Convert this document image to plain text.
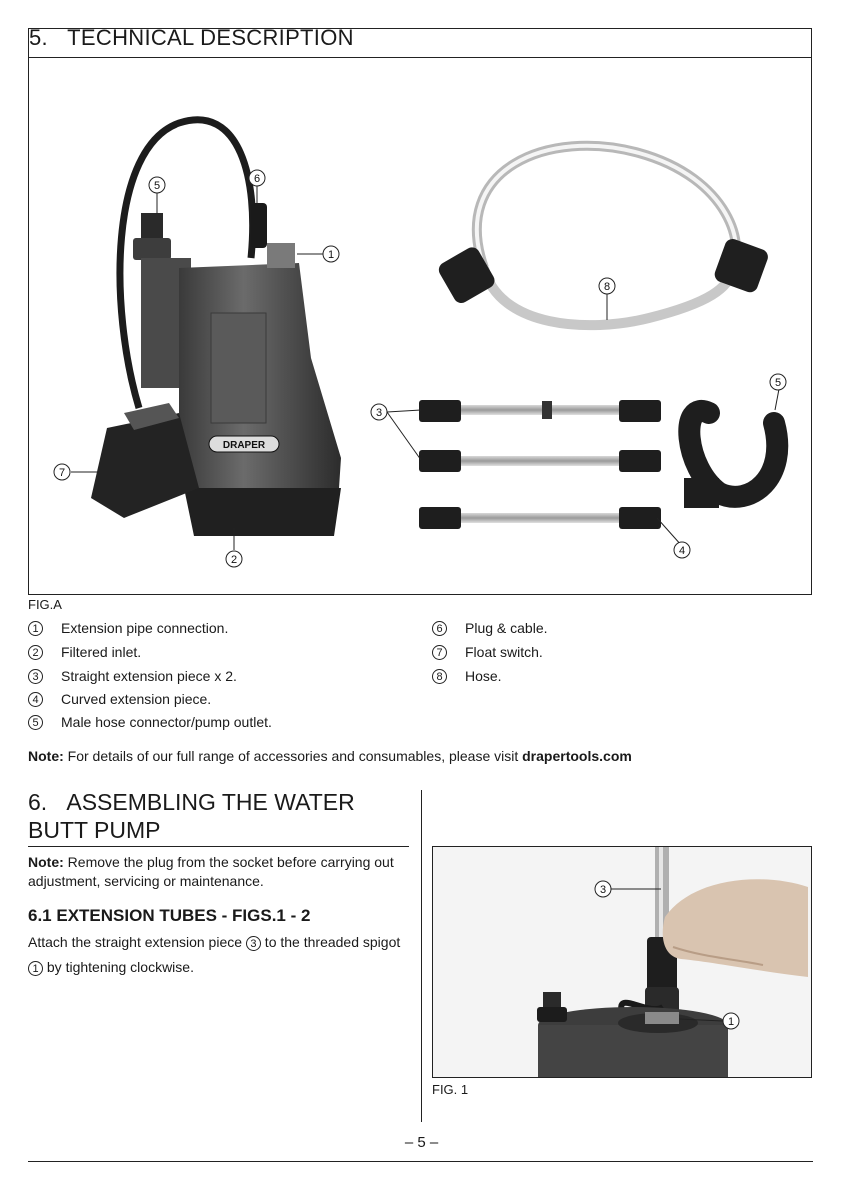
5.   TECHNICAL DESCRIPTION
DRAPER
5
6
1
2
7
8
3
4
5
FIG.A
1	Extension pipe connection.
2	Filtered inlet.
3	Straight extension piece x 2.
4	Curved extension piece.
5	Male hose connector/pump outlet.
6	Plug & cable.
7	Float switch.
8	Hose.
Note: For details of our full range of accessories and consumables, please visit drapertools.com
6.   ASSEMBLING THE WATER BUTT PUMP
Note: Remove the plug from the socket before carrying out adjustment, servicing or maintenance.
6.1 EXTENSION TUBES - FIGS.1 - 2
Attach the straight extension piece 3 to the threaded spigot 1 by tightening clockwise.
3
1
FIG. 1
– 5 –
